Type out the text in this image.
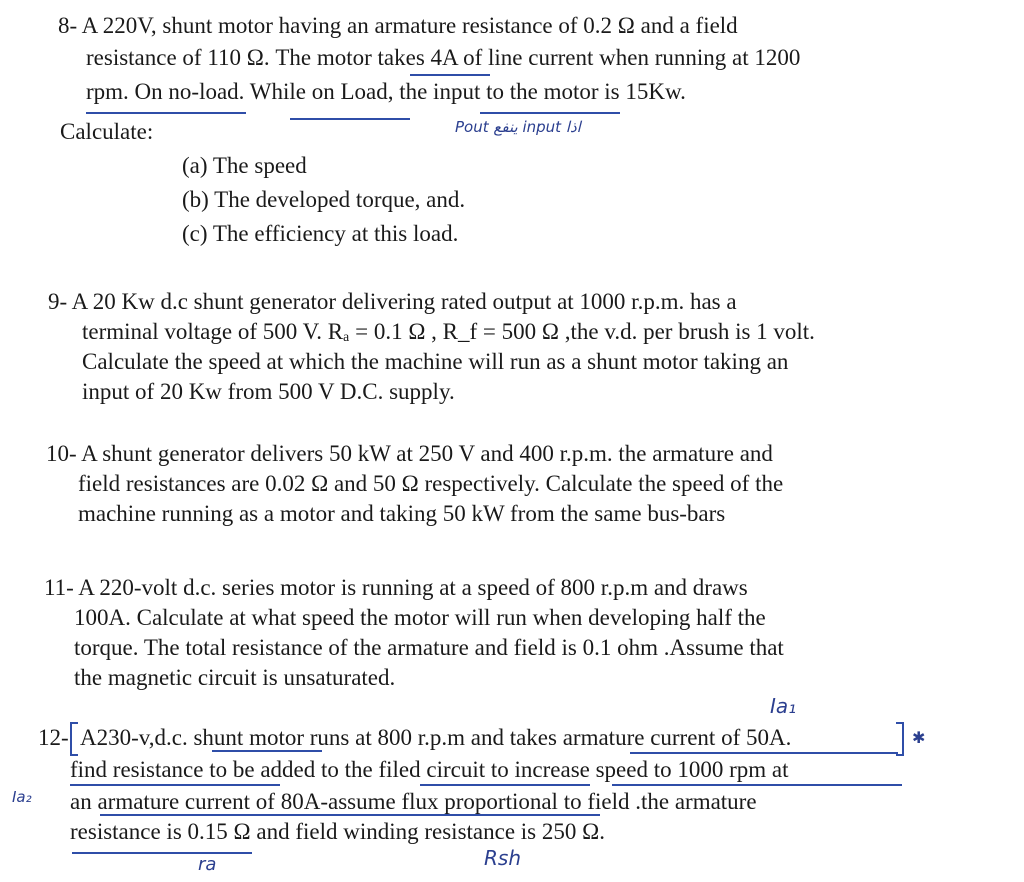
8- A 220V, shunt motor having an armature resistance of 0.2 Ω and a field
resistance of 110 Ω. The motor takes 4A of line current when running at 1200
rpm. On no-load. While on Load, the input to the motor is 15Kw.
Calculate:
(a) The speed
(b) The developed torque, and.
(c) The efficiency at this load.
Pout ينفع input اذا
9- A 20 Kw d.c shunt generator delivering rated output at 1000 r.p.m. has a
terminal voltage of 500 V. Rₐ = 0.1 Ω , R_f = 500 Ω ,the v.d. per brush is 1 volt.
Calculate the speed at which the machine will run as a shunt motor taking an
input of 20 Kw from 500 V D.C. supply.
10- A shunt generator delivers 50 kW at 250 V and 400 r.p.m. the armature and
field resistances are 0.02 Ω and 50 Ω respectively. Calculate the speed of the
machine running as a motor and taking 50 kW from the same bus-bars
11- A 220-volt d.c. series motor is running at a speed of 800 r.p.m and draws
100A. Calculate at what speed the motor will run when developing half the
torque. The total resistance of the armature and field is 0.1 ohm .Assume that
the magnetic circuit is unsaturated.
12- A230-v,d.c. shunt motor runs at 800 r.p.m and takes armature current of 50A.
find resistance to be added to the filed circuit to increase speed to 1000 rpm at
an armature current of 80A-assume flux proportional to field .the armature
resistance is 0.15 Ω and field winding resistance is 250 Ω.
Ia₁
Ia₂
ra	Rsh
✱
